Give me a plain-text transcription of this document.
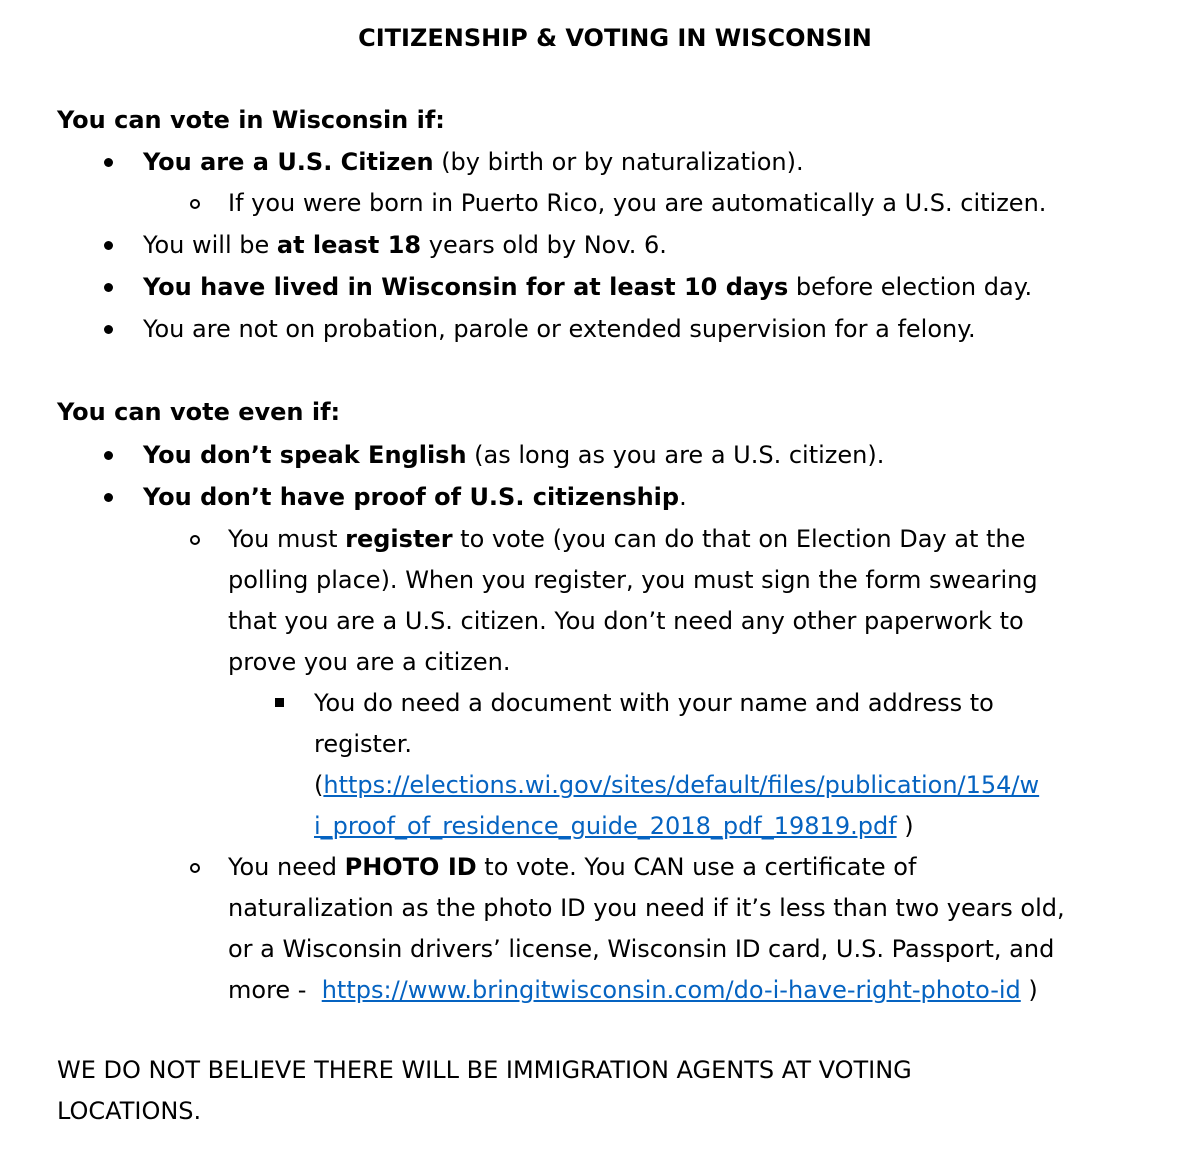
CITIZENSHIP & VOTING IN WISCONSIN
You can vote in Wisconsin if:
You are a U.S. Citizen (by birth or by naturalization).
If you were born in Puerto Rico, you are automatically a U.S. citizen.
You will be at least 18 years old by Nov. 6.
You have lived in Wisconsin for at least 10 days before election day.
You are not on probation, parole or extended supervision for a felony.
You can vote even if:
You don’t speak English (as long as you are a U.S. citizen).
You don’t have proof of U.S. citizenship.
You must register to vote (you can do that on Election Day at the
polling place). When you register, you must sign the form swearing
that you are a U.S. citizen. You don’t need any other paperwork to
prove you are a citizen.
You do need a document with your name and address to
register.
(https://elections.wi.gov/sites/default/files/publication/154/w
i_proof_of_residence_guide_2018_pdf_19819.pdf )
You need PHOTO ID to vote. You CAN use a certificate of
naturalization as the photo ID you need if it’s less than two years old,
or a Wisconsin drivers’ license, Wisconsin ID card, U.S. Passport, and
more -  https://www.bringitwisconsin.com/do-i-have-right-photo-id )
WE DO NOT BELIEVE THERE WILL BE IMMIGRATION AGENTS AT VOTING
LOCATIONS.
